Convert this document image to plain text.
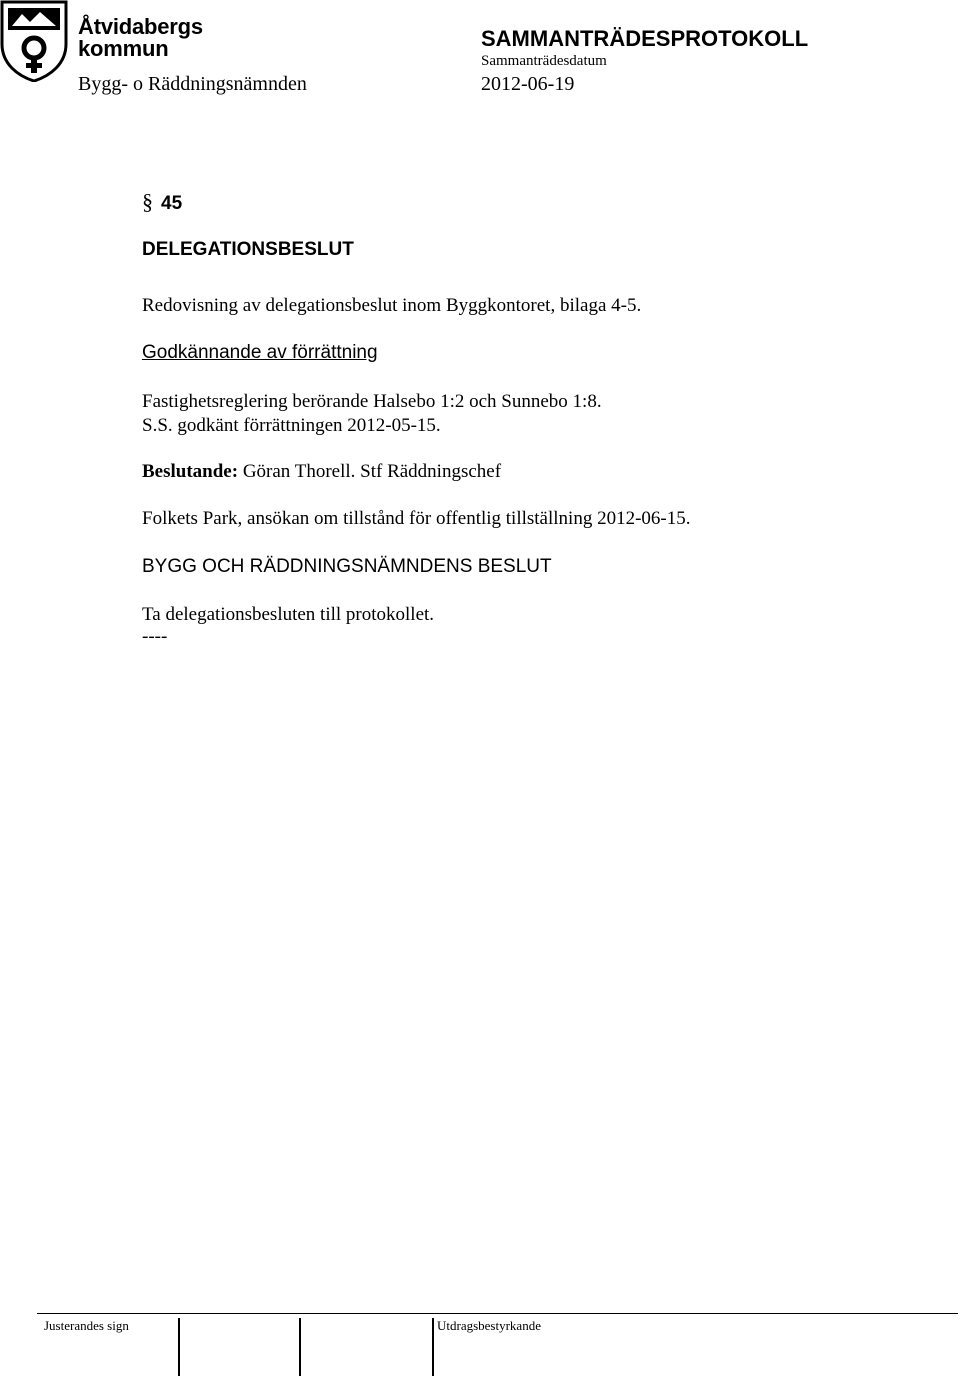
Åtvidabergs
kommun	SAMMANTRÄDESPROTOKOLL
Sammanträdesdatum
Bygg- o Räddningsnämnden	2012-06-19
§ 45
DELEGATIONSBESLUT
Redovisning av delegationsbeslut inom Byggkontoret, bilaga 4-5.
Godkännande av förrättning
Fastighetsreglering berörande Halsebo 1:2 och Sunnebo 1:8.
S.S. godkänt förrättningen 2012-05-15.
Beslutande: Göran Thorell. Stf Räddningschef
Folkets Park, ansökan om tillstånd för offentlig tillställning 2012-06-15.
BYGG OCH RÄDDNINGSNÄMNDENS BESLUT
Ta delegationsbesluten till protokollet.
----
Justerandes sign	Utdragsbestyrkande
